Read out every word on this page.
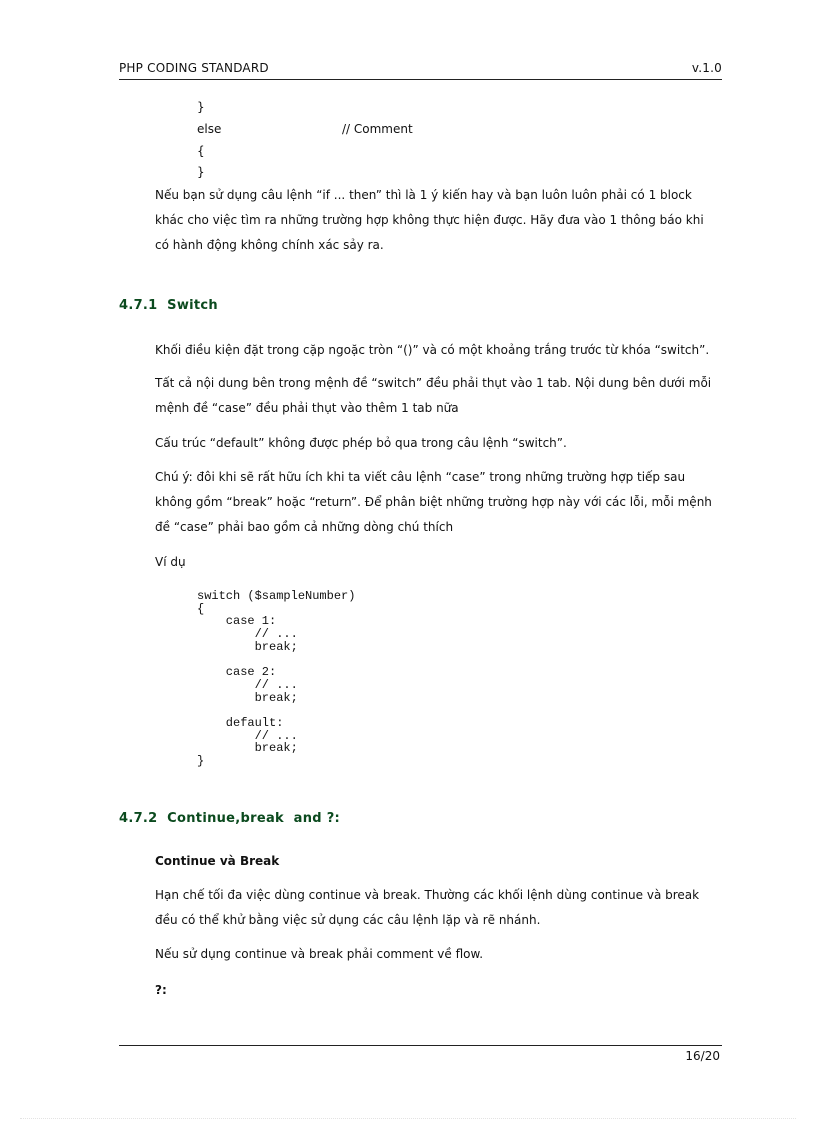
PHP CODING STANDARD	v.1.0
}
else	// Comment
{
}
Nếu bạn sử dụng câu lệnh “if ... then” thì là 1 ý kiến hay và bạn luôn luôn phải có 1 block khác cho việc tìm ra những trường hợp không thực hiện được. Hãy đưa vào 1 thông báo khi có hành động không chính xác sảy ra.
4.7.1 Switch
Khối điều kiện đặt trong cặp ngoặc tròn “()” và có một khoảng trắng trước từ khóa “switch”.
Tất cả nội dung bên trong mệnh đề “switch” đều phải thụt vào 1 tab. Nội dung bên dưới mỗi mệnh đề “case” đều phải thụt vào thêm 1 tab nữa
Cấu trúc “default” không được phép bỏ qua trong câu lệnh “switch”.
Chú ý: đôi khi sẽ rất hữu ích khi ta viết câu lệnh “case” trong những trường hợp tiếp sau không gồm “break” hoặc “return”. Để phân biệt những trường hợp này với các lỗi, mỗi mệnh đề “case” phải bao gồm cả những dòng chú thích
Ví dụ
switch ($sampleNumber)
{
case 1:
// ...
break;

case 2:
// ...
break;

default:
// ...
break;
}
4.7.2 Continue,break  and ?:
Continue và Break
Hạn chế tối đa việc dùng continue và break. Thường các khối lệnh dùng continue và break đều có thể khử bằng việc sử dụng các câu lệnh lặp và rẽ nhánh.
Nếu sử dụng continue và break phải comment về flow.
?:
16/20
